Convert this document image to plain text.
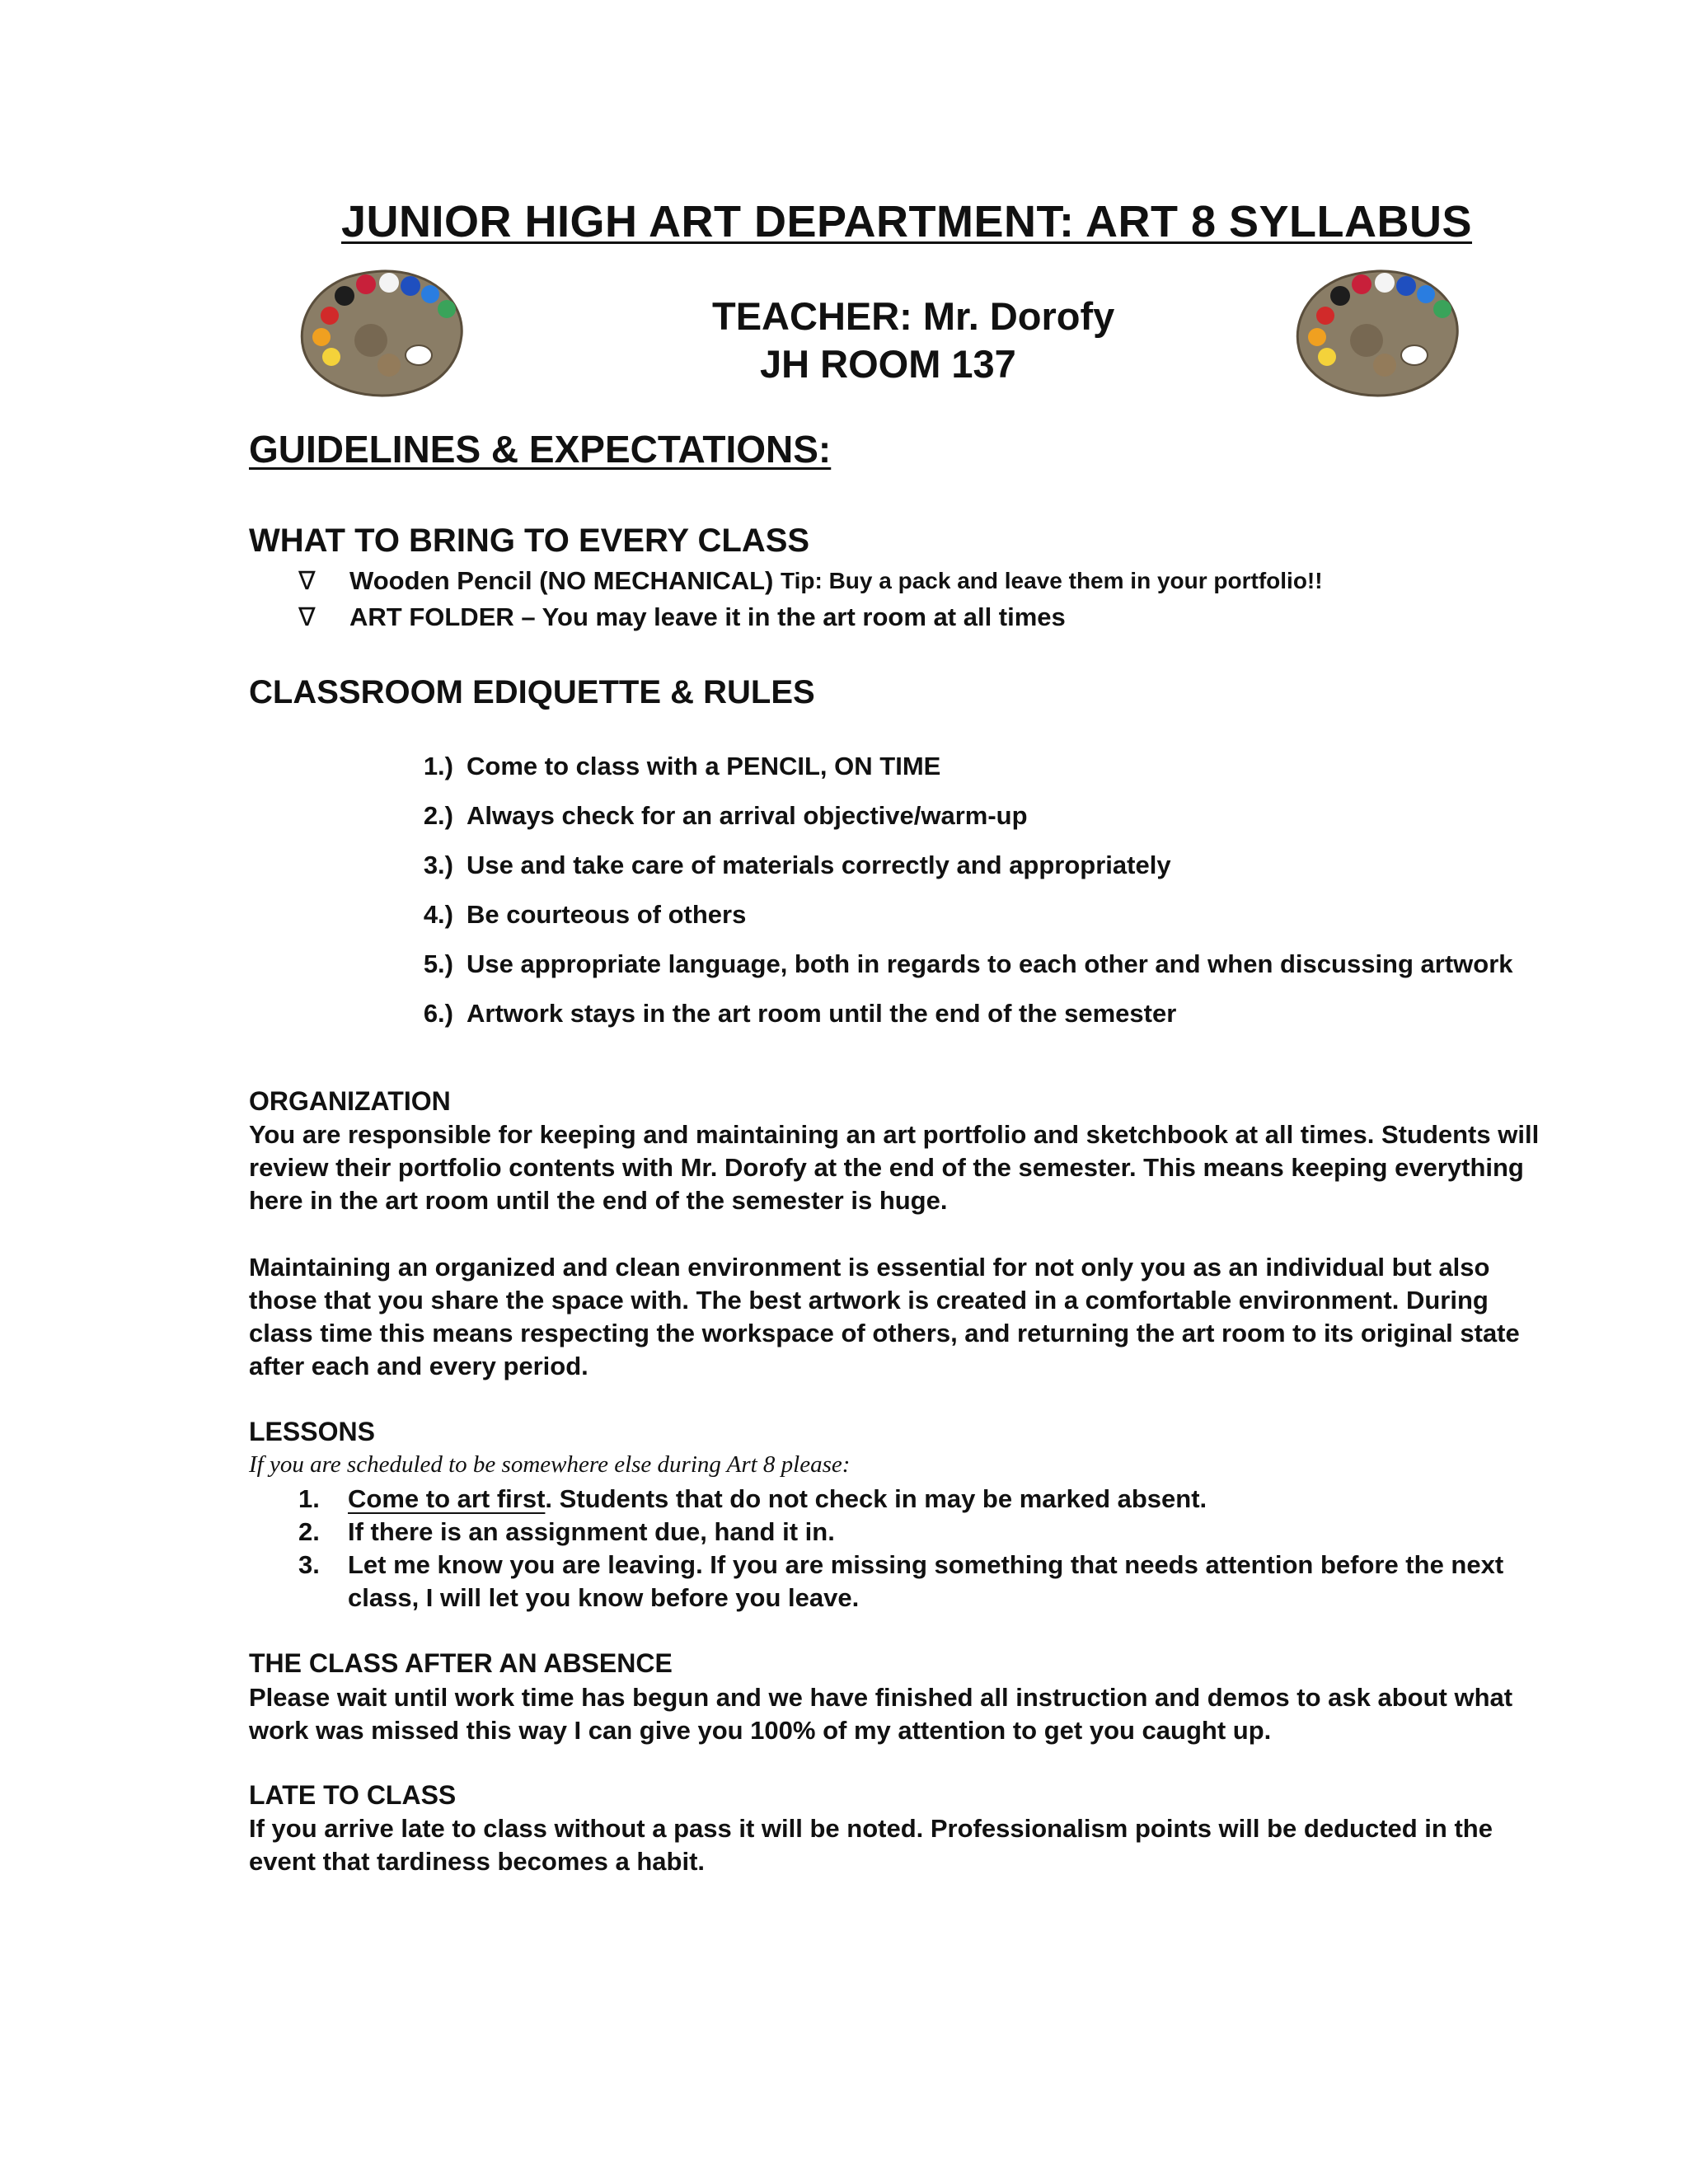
JUNIOR HIGH ART DEPARTMENT: ART 8 SYLLABUS
TEACHER: Mr. Dorofy
JH ROOM 137
GUIDELINES & EXPECTATIONS:
WHAT TO BRING TO EVERY CLASS
∇	Wooden Pencil (NO MECHANICAL)
Tip: Buy a pack and leave them in your portfolio!!
∇	ART FOLDER – You may leave it in the art room at all times
CLASSROOM EDIQUETTE & RULES
1.) Come to class with a PENCIL, ON TIME
2.) Always check for an arrival objective/warm-up
3.) Use and take care of materials correctly and appropriately
4.) Be courteous of others
5.) Use appropriate language, both in regards to each other and when discussing artwork
6.) Artwork stays in the art room until the end of the semester
ORGANIZATION
You are responsible for keeping and maintaining an art portfolio and sketchbook at all times. Students will review their portfolio contents with Mr. Dorofy at the end of the semester. This means keeping everything here in the art room until the end of the semester is huge.
Maintaining an organized and clean environment is essential for not only you as an individual but also those that you share the space with. The best artwork is created in a comfortable environment. During class time this means respecting the workspace of others, and returning the art room to its original state after each and every period.
LESSONS
If you are scheduled to be somewhere else during Art 8 please:
1.	Come to art first. Students that do not check in may be marked absent.
2.	If there is an assignment due, hand it in.
3.	Let me know you are leaving. If you are missing something that needs attention before the next class, I will let you know before you leave.
THE CLASS AFTER AN ABSENCE
Please wait until work time has begun and we have finished all instruction and demos to ask about what work was missed this way I can give you 100% of my attention to get you caught up.
LATE TO CLASS
If you arrive late to class without a pass it will be noted. Professionalism points will be deducted in the event that tardiness becomes a habit.
